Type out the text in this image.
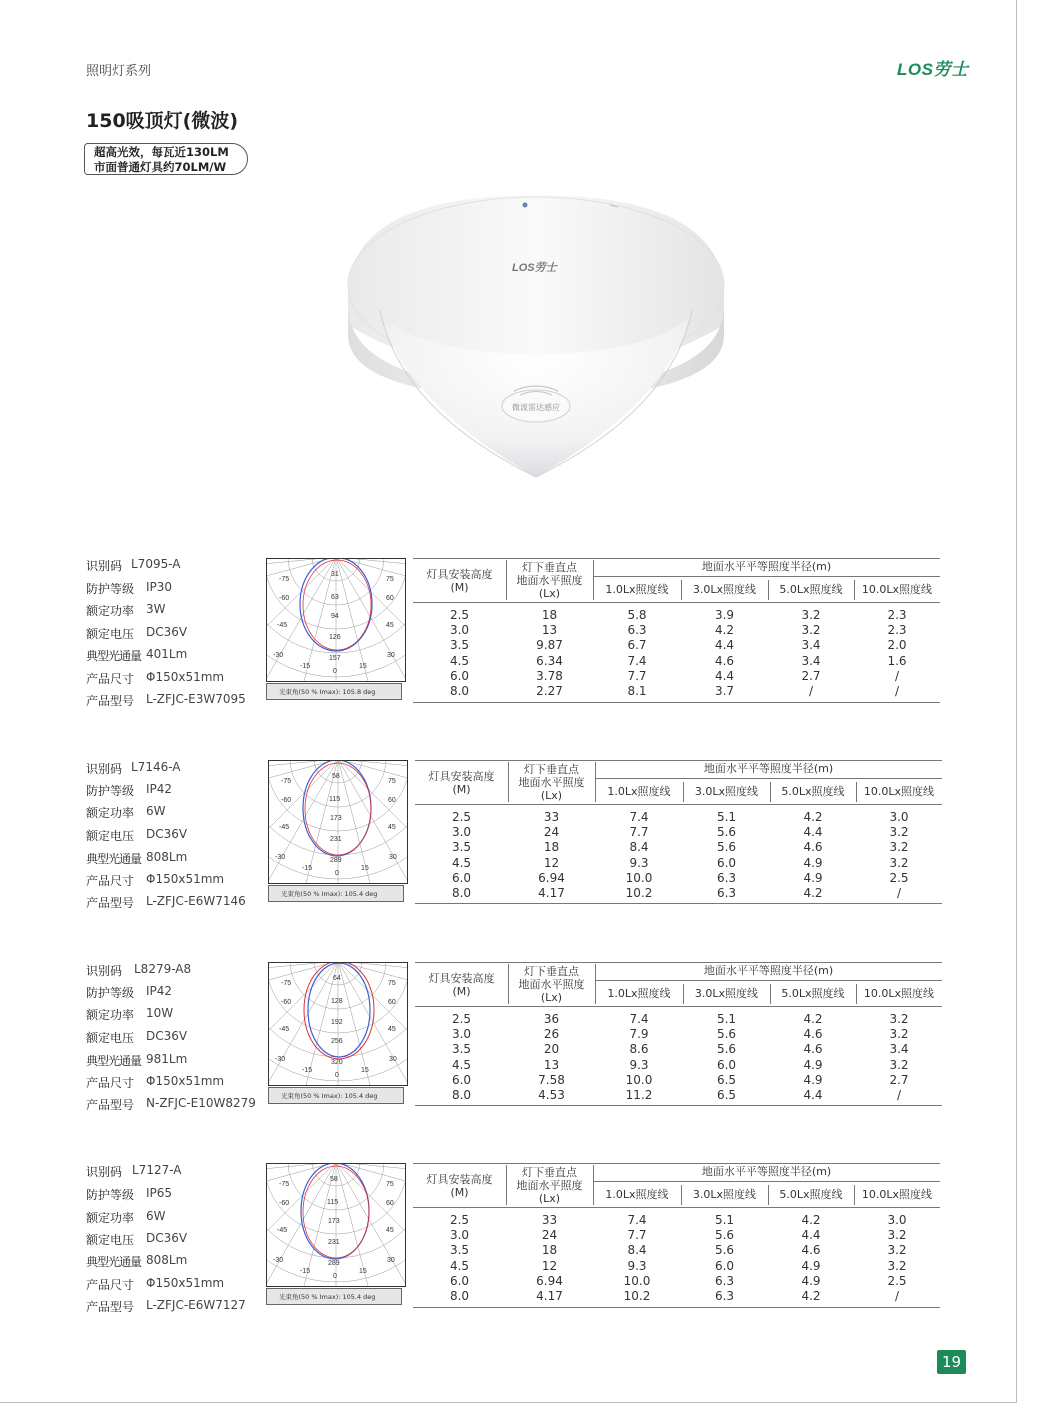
照明灯系列	LOS劳士
150吸顶灯(微波)
超高光效，每瓦近130LM
市面普通灯具约70LM/W
LOS劳士
微波雷达感应
识别码 L7095-A
防护等级 IP30
额定功率 3W
额定电压 DC36V
典型光通量 401Lm
产品尺寸 Φ150x51mm
产品型号 L-ZFJC-E3W7095
-75	75
-60	60
-45	45
-30	30
-15	15
0
31
63
94
126
157
光束角(50 % Imax): 105.8 deg
灯具安装高度
(M)
灯下垂直点
地面水平照度
(Lx)
地面水平平等照度半径(m)
1.0Lx照度线	3.0Lx照度线	5.0Lx照度线	10.0Lx照度线
2.5	18	5.8	3.9	3.2	2.3
3.0	13	6.3	4.2	3.2	2.3
3.5	9.87	6.7	4.4	3.4	2.0
4.5	6.34	7.4	4.6	3.4	1.6
6.0	3.78	7.7	4.4	2.7	/
8.0	2.27	8.1	3.7	/	/
识别码 L7146-A
防护等级 IP42
额定功率 6W
额定电压 DC36V
典型光通量 808Lm
产品尺寸 Φ150x51mm
产品型号 L-ZFJC-E6W7146
-75	75
-60	60
-45	45
-30	30
-15	15
0
58
115
173
231
289
光束角(50 % Imax): 105.4 deg
灯具安装高度
(M)
灯下垂直点
地面水平照度
(Lx)
地面水平平等照度半径(m)
1.0Lx照度线	3.0Lx照度线	5.0Lx照度线	10.0Lx照度线
2.5	33	7.4	5.1	4.2	3.0
3.0	24	7.7	5.6	4.4	3.2
3.5	18	8.4	5.6	4.6	3.2
4.5	12	9.3	6.0	4.9	3.2
6.0	6.94	10.0	6.3	4.9	2.5
8.0	4.17	10.2	6.3	4.2	/
识别码 L8279-A8
防护等级 IP42
额定功率 10W
额定电压 DC36V
典型光通量 981Lm
产品尺寸 Φ150x51mm
产品型号 N-ZFJC-E10W8279
-75	75
-60	60
-45	45
-30	30
-15	15
0
64
128
192
256
320
光束角(50 % Imax): 105.4 deg
灯具安装高度
(M)
灯下垂直点
地面水平照度
(Lx)
地面水平平等照度半径(m)
1.0Lx照度线	3.0Lx照度线	5.0Lx照度线	10.0Lx照度线
2.5	36	7.4	5.1	4.2	3.2
3.0	26	7.9	5.6	4.6	3.2
3.5	20	8.6	5.6	4.6	3.4
4.5	13	9.3	6.0	4.9	3.2
6.0	7.58	10.0	6.5	4.9	2.7
8.0	4.53	11.2	6.5	4.4	/
识别码 L7127-A
防护等级 IP65
额定功率 6W
额定电压 DC36V
典型光通量 808Lm
产品尺寸 Φ150x51mm
产品型号 L-ZFJC-E6W7127
-75	75
-60	60
-45	45
-30	30
-15	15
0
58
115
173
231
289
光束角(50 % Imax): 105.4 deg
灯具安装高度
(M)
灯下垂直点
地面水平照度
(Lx)
地面水平平等照度半径(m)
1.0Lx照度线	3.0Lx照度线	5.0Lx照度线	10.0Lx照度线
2.5	33	7.4	5.1	4.2	3.0
3.0	24	7.7	5.6	4.4	3.2
3.5	18	8.4	5.6	4.6	3.2
4.5	12	9.3	6.0	4.9	3.2
6.0	6.94	10.0	6.3	4.9	2.5
8.0	4.17	10.2	6.3	4.2	/
19
